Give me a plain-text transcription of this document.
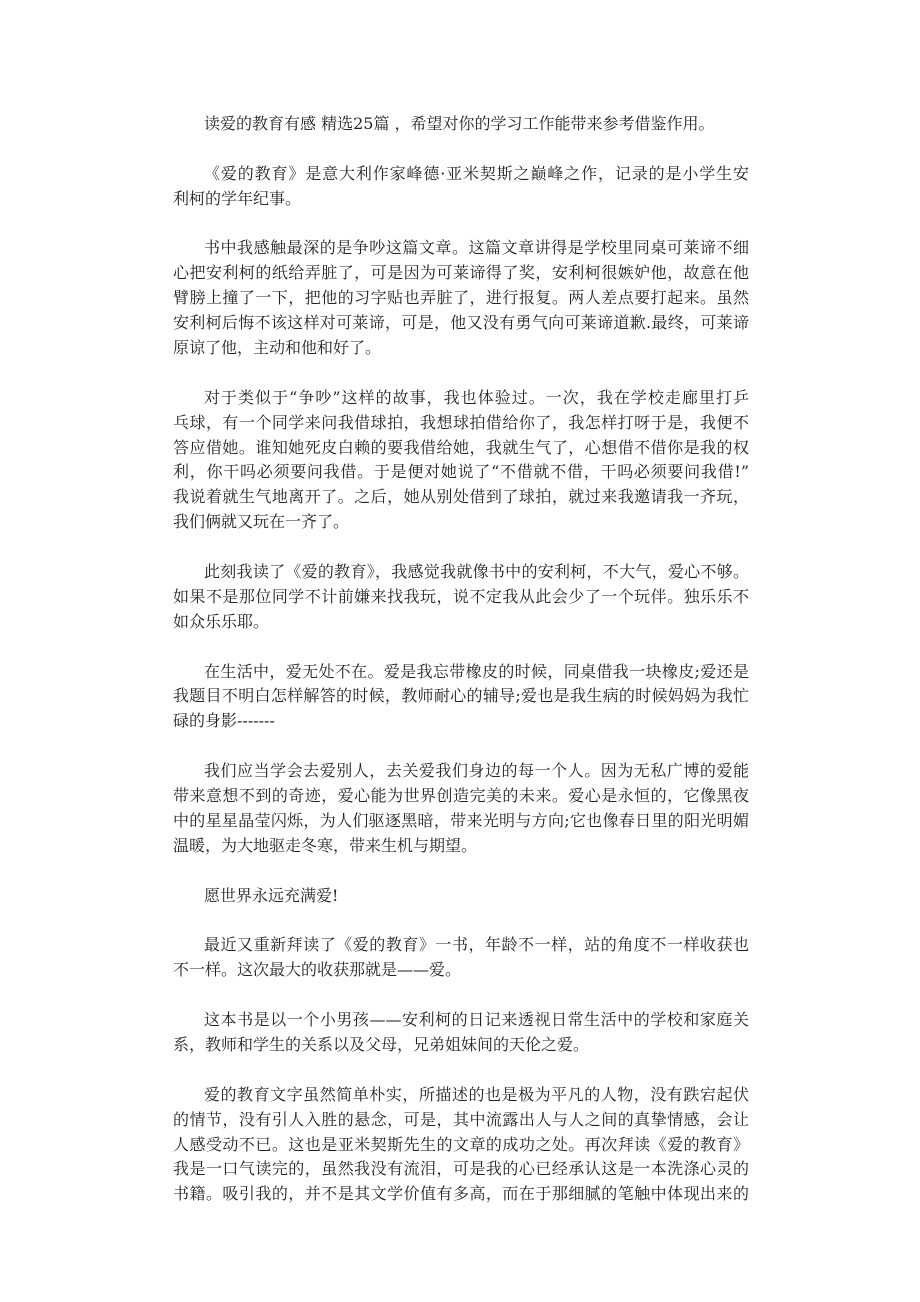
读爱的教育有感 精选25篇 ，希望对你的学习工作能带来参考借鉴作用。
《爱的教育》是意大利作家峰德·亚米契斯之巅峰之作，记录的是小学生安
利柯的学年纪事。
书中我感触最深的是争吵这篇文章。这篇文章讲得是学校里同桌可莱谛不细
心把安利柯的纸给弄脏了，可是因为可莱谛得了奖，安利柯很嫉妒他，故意在他
臂膀上撞了一下，把他的习字贴也弄脏了，进行报复。两人差点要打起来。虽然
安利柯后悔不该这样对可莱谛，可是，他又没有勇气向可莱谛道歉.最终，可莱谛
原谅了他，主动和他和好了。
对于类似于“争吵”这样的故事，我也体验过。一次，我在学校走廊里打乒
乓球，有一个同学来问我借球拍，我想球拍借给你了，我怎样打呀于是，我便不
答应借她。谁知她死皮白赖的要我借给她，我就生气了，心想借不借你是我的权
利，你干吗必须要问我借。于是便对她说了“不借就不借，干吗必须要问我借!”
我说着就生气地离开了。之后，她从别处借到了球拍，就过来我邀请我一齐玩，
我们俩就又玩在一齐了。
此刻我读了《爱的教育》，我感觉我就像书中的安利柯，不大气，爱心不够。
如果不是那位同学不计前嫌来找我玩，说不定我从此会少了一个玩伴。独乐乐不
如众乐乐耶。
在生活中，爱无处不在。爱是我忘带橡皮的时候，同桌借我一块橡皮;爱还是
我题目不明白怎样解答的时候，教师耐心的辅导;爱也是我生病的时候妈妈为我忙
碌的身影-------
我们应当学会去爱别人，去关爱我们身边的每一个人。因为无私广博的爱能
带来意想不到的奇迹，爱心能为世界创造完美的未来。爱心是永恒的，它像黑夜
中的星星晶莹闪烁，为人们驱逐黑暗，带来光明与方向;它也像春日里的阳光明媚
温暖，为大地驱走冬寒，带来生机与期望。
愿世界永远充满爱!
最近又重新拜读了《爱的教育》一书，年龄不一样，站的角度不一样收获也
不一样。这次最大的收获那就是——爱。
这本书是以一个小男孩——安利柯的日记来透视日常生活中的学校和家庭关
系，教师和学生的关系以及父母，兄弟姐妹间的天伦之爱。
爱的教育文字虽然简单朴实，所描述的也是极为平凡的人物，没有跌宕起伏
的情节，没有引人入胜的悬念，可是，其中流露出人与人之间的真挚情感，会让
人感受动不已。这也是亚米契斯先生的文章的成功之处。再次拜读《爱的教育》
我是一口气读完的，虽然我没有流泪，可是我的心已经承认这是一本洗涤心灵的
书籍。吸引我的，并不是其文学价值有多高，而在于那细腻的笔触中体现出来的
